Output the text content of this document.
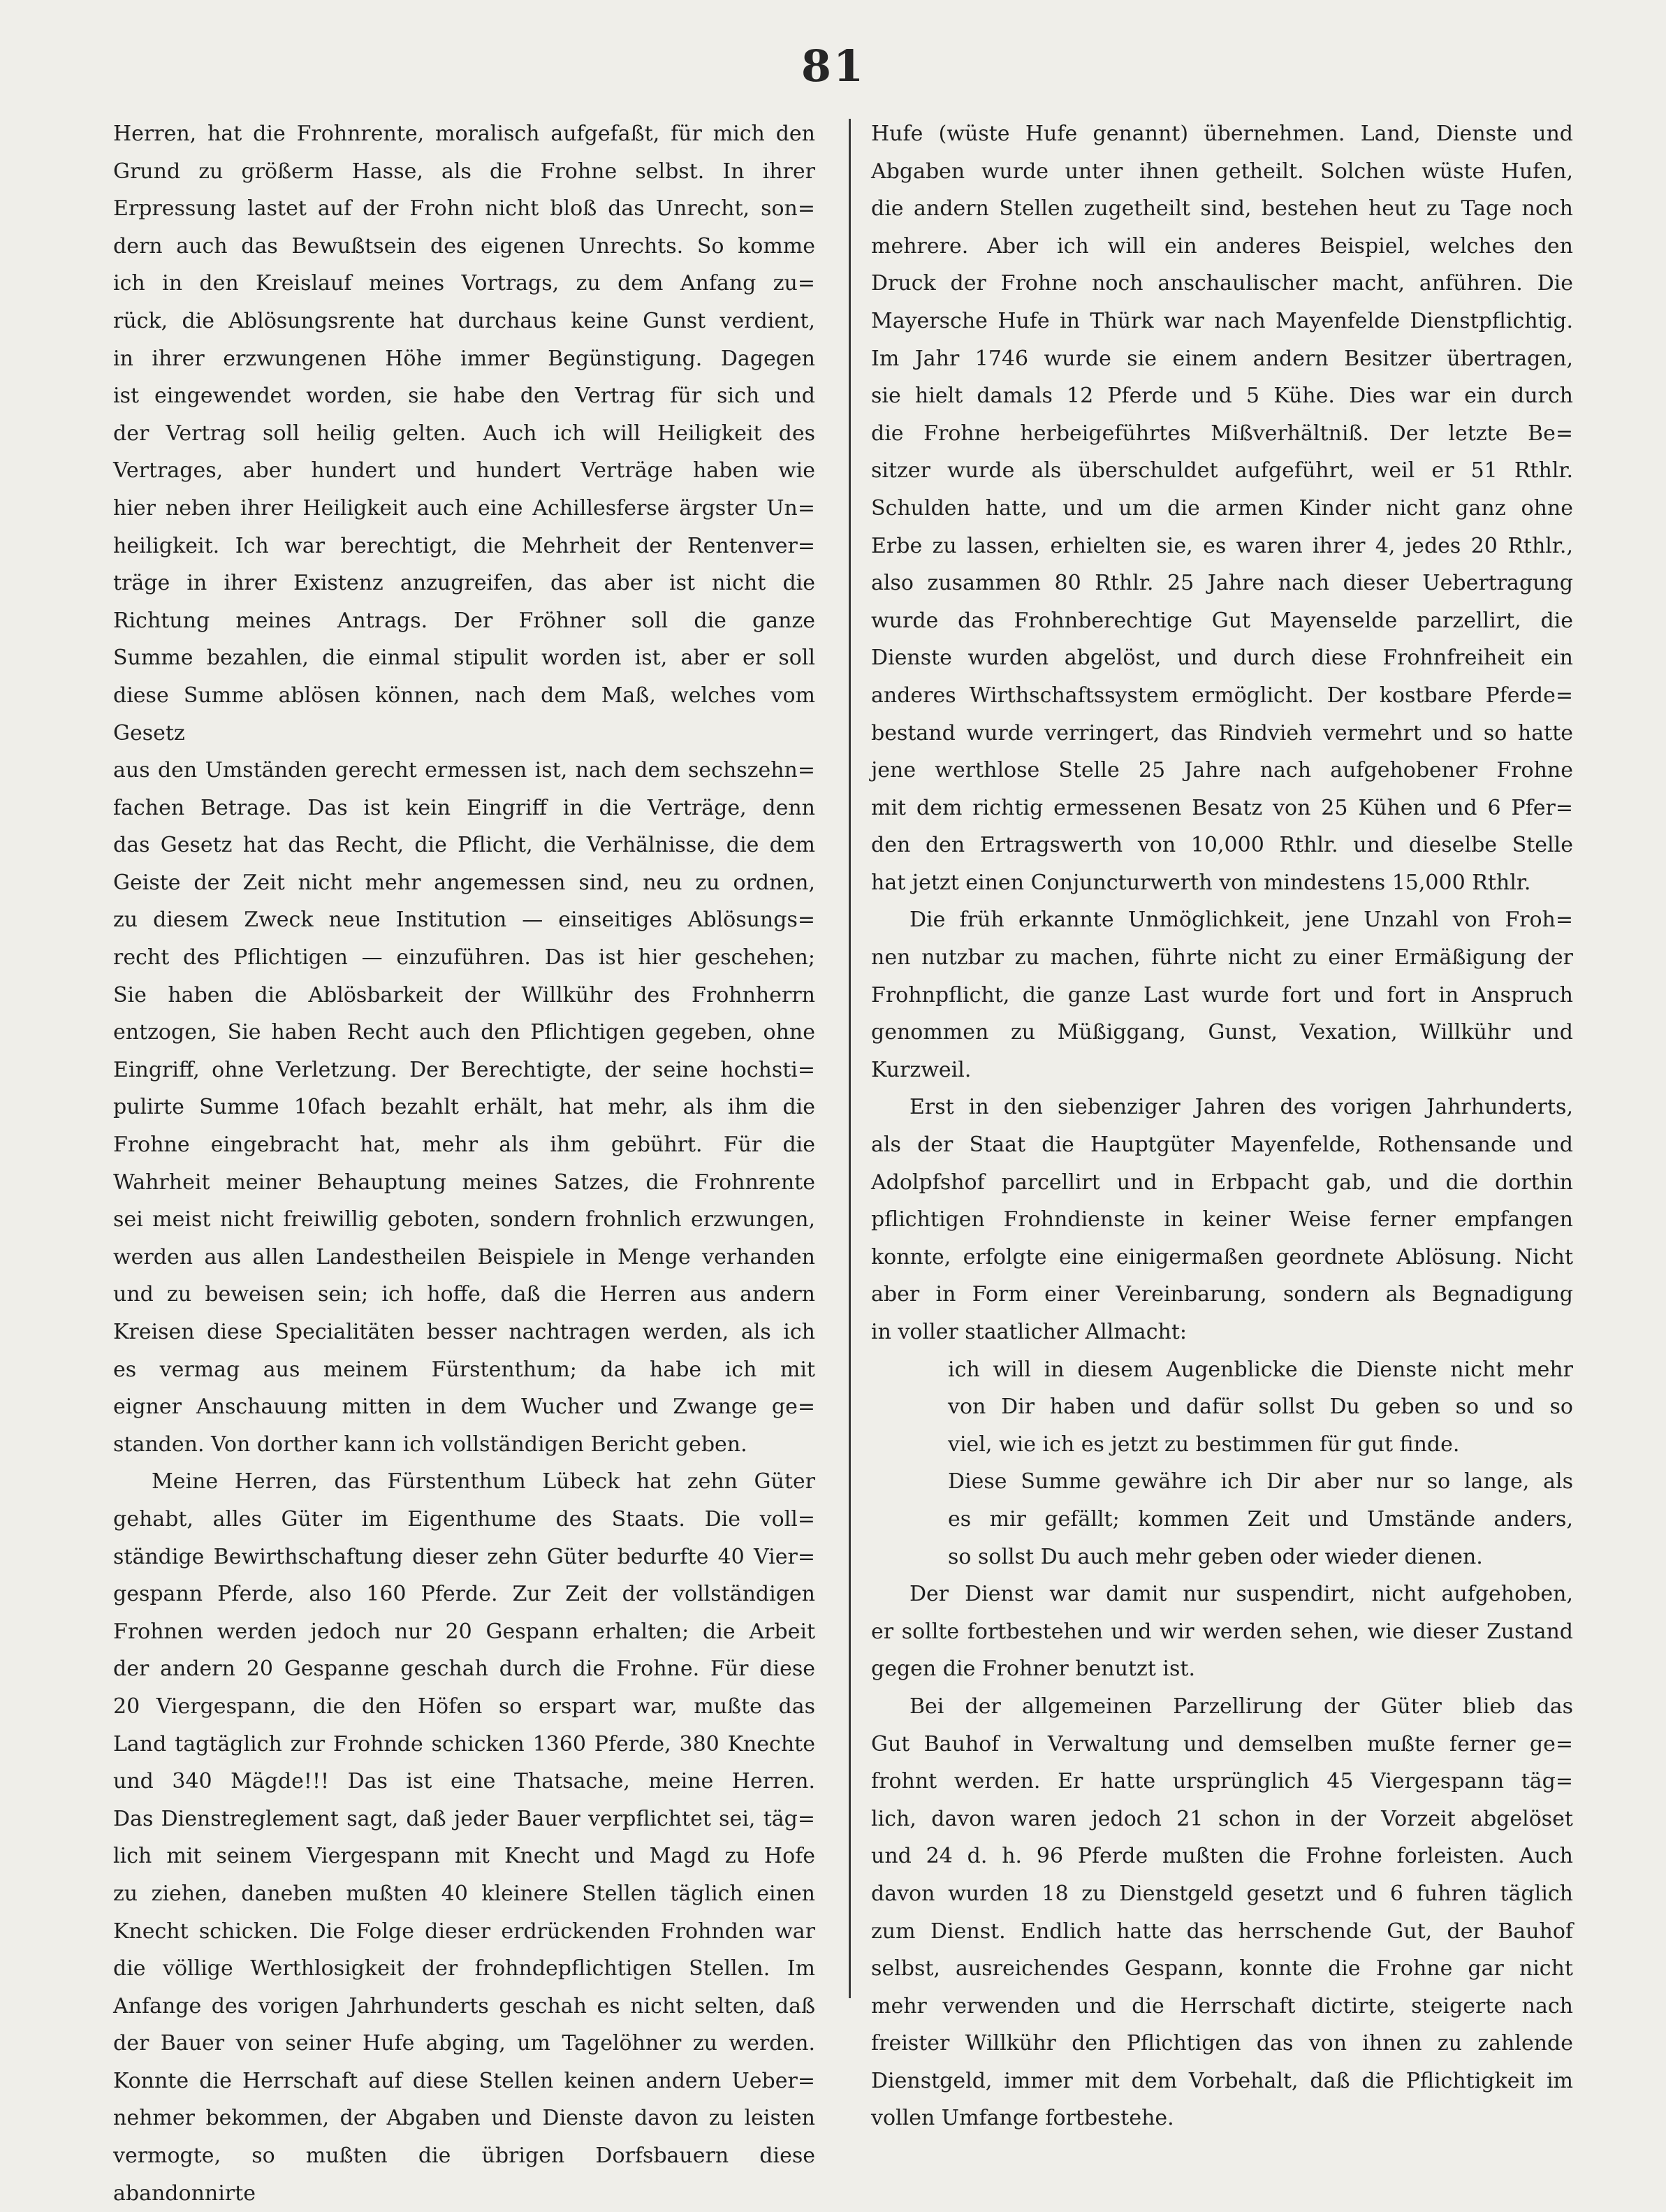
81

Herren, hat die Frohnrente, moralisch aufgefaßt, für mich den

Grund zu größerm Hasse, als die Frohne selbst. In ihrer

Erpressung lastet auf der Frohn nicht bloß das Unrecht, son=

dern auch das Bewußtsein des eigenen Unrechts. So komme

ich in den Kreislauf meines Vortrags, zu dem Anfang zu=

rück, die Ablösungsrente hat durchaus keine Gunst verdient,

in ihrer erzwungenen Höhe immer Begünstigung. Dagegen

ist eingewendet worden, sie habe den Vertrag für sich und

der Vertrag soll heilig gelten. Auch ich will Heiligkeit des

Vertrages, aber hundert und hundert Verträge haben wie

hier neben ihrer Heiligkeit auch eine Achillesferse ärgster Un=

heiligkeit. Ich war berechtigt, die Mehrheit der Rentenver=

träge in ihrer Existenz anzugreifen, das aber ist nicht die

Richtung meines Antrags. Der Fröhner soll die ganze

Summe bezahlen, die einmal stipulit worden ist, aber er soll

diese Summe ablösen können, nach dem Maß, welches vom Gesetz

aus den Umständen gerecht ermessen ist, nach dem sechszehn=

fachen Betrage. Das ist kein Eingriff in die Verträge, denn

das Gesetz hat das Recht, die Pflicht, die Verhälnisse, die dem

Geiste der Zeit nicht mehr angemessen sind, neu zu ordnen,

zu diesem Zweck neue Institution — einseitiges Ablösungs=

recht des Pflichtigen — einzuführen. Das ist hier geschehen;

Sie haben die Ablösbarkeit der Willkühr des Frohnherrn

entzogen, Sie haben Recht auch den Pflichtigen gegeben, ohne

Eingriff, ohne Verletzung. Der Berechtigte, der seine hochsti=

pulirte Summe 10fach bezahlt erhält, hat mehr, als ihm die

Frohne eingebracht hat, mehr als ihm gebührt. Für die

Wahrheit meiner Behauptung meines Satzes, die Frohnrente

sei meist nicht freiwillig geboten, sondern frohnlich erzwungen,

werden aus allen Landestheilen Beispiele in Menge verhanden

und zu beweisen sein; ich hoffe, daß die Herren aus andern

Kreisen diese Specialitäten besser nachtragen werden, als ich

es vermag aus meinem Fürstenthum; da habe ich mit

eigner Anschauung mitten in dem Wucher und Zwange ge=

standen. Von dorther kann ich vollständigen Bericht geben.

Meine Herren, das Fürstenthum Lübeck hat zehn Güter

gehabt, alles Güter im Eigenthume des Staats. Die voll=

ständige Bewirthschaftung dieser zehn Güter bedurfte 40 Vier=

gespann Pferde, also 160 Pferde. Zur Zeit der vollständigen

Frohnen werden jedoch nur 20 Gespann erhalten; die Arbeit

der andern 20 Gespanne geschah durch die Frohne. Für diese

20 Viergespann, die den Höfen so erspart war, mußte das

Land tagtäglich zur Frohnde schicken 1360 Pferde, 380 Knechte

und 340 Mägde!!! Das ist eine Thatsache, meine Herren.

Das Dienstreglement sagt, daß jeder Bauer verpflichtet sei, täg=

lich mit seinem Viergespann mit Knecht und Magd zu Hofe

zu ziehen, daneben mußten 40 kleinere Stellen täglich einen

Knecht schicken. Die Folge dieser erdrückenden Frohnden war

die völlige Werthlosigkeit der frohndepflichtigen Stellen. Im

Anfange des vorigen Jahrhunderts geschah es nicht selten, daß

der Bauer von seiner Hufe abging, um Tagelöhner zu werden.

Konnte die Herrschaft auf diese Stellen keinen andern Ueber=

nehmer bekommen, der Abgaben und Dienste davon zu leisten

vermogte, so mußten die übrigen Dorfsbauern diese abandonnirte

Hufe (wüste Hufe genannt) übernehmen. Land, Dienste und

Abgaben wurde unter ihnen getheilt. Solchen wüste Hufen,

die andern Stellen zugetheilt sind, bestehen heut zu Tage noch

mehrere. Aber ich will ein anderes Beispiel, welches den

Druck der Frohne noch anschaulischer macht, anführen. Die

Mayersche Hufe in Thürk war nach Mayenfelde Dienstpflichtig.

Im Jahr 1746 wurde sie einem andern Besitzer übertragen,

sie hielt damals 12 Pferde und 5 Kühe. Dies war ein durch

die Frohne herbeigeführtes Mißverhältniß. Der letzte Be=

sitzer wurde als überschuldet aufgeführt, weil er 51 Rthlr.

Schulden hatte, und um die armen Kinder nicht ganz ohne

Erbe zu lassen, erhielten sie, es waren ihrer 4, jedes 20 Rthlr.,

also zusammen 80 Rthlr. 25 Jahre nach dieser Uebertragung

wurde das Frohnberechtige Gut Mayenselde parzellirt, die

Dienste wurden abgelöst, und durch diese Frohnfreiheit ein

anderes Wirthschaftssystem ermöglicht. Der kostbare Pferde=

bestand wurde verringert, das Rindvieh vermehrt und so hatte

jene werthlose Stelle 25 Jahre nach aufgehobener Frohne

mit dem richtig ermessenen Besatz von 25 Kühen und 6 Pfer=

den den Ertragswerth von 10,000 Rthlr. und dieselbe Stelle

hat jetzt einen Conjuncturwerth von mindestens 15,000 Rthlr.

Die früh erkannte Unmöglichkeit, jene Unzahl von Froh=

nen nutzbar zu machen, führte nicht zu einer Ermäßigung der

Frohnpflicht, die ganze Last wurde fort und fort in Anspruch

genommen zu Müßiggang, Gunst, Vexation, Willkühr und

Kurzweil.

Erst in den siebenziger Jahren des vorigen Jahrhunderts,

als der Staat die Hauptgüter Mayenfelde, Rothensande und

Adolpfshof parcellirt und in Erbpacht gab, und die dorthin

pflichtigen Frohndienste in keiner Weise ferner empfangen

konnte, erfolgte eine einigermaßen geordnete Ablösung. Nicht

aber in Form einer Vereinbarung, sondern als Begnadigung

in voller staatlicher Allmacht:

ich will in diesem Augenblicke die Dienste nicht mehr

von Dir haben und dafür sollst Du geben so und so

viel, wie ich es jetzt zu bestimmen für gut finde.

Diese Summe gewähre ich Dir aber nur so lange, als

es mir gefällt; kommen Zeit und Umstände anders,

so sollst Du auch mehr geben oder wieder dienen.

Der Dienst war damit nur suspendirt, nicht aufgehoben,

er sollte fortbestehen und wir werden sehen, wie dieser Zustand

gegen die Frohner benutzt ist.

Bei der allgemeinen Parzellirung der Güter blieb das

Gut Bauhof in Verwaltung und demselben mußte ferner ge=

frohnt werden. Er hatte ursprünglich 45 Viergespann täg=

lich, davon waren jedoch 21 schon in der Vorzeit abgelöset

und 24 d. h. 96 Pferde mußten die Frohne forleisten. Auch

davon wurden 18 zu Dienstgeld gesetzt und 6 fuhren täglich

zum Dienst. Endlich hatte das herrschende Gut, der Bauhof

selbst, ausreichendes Gespann, konnte die Frohne gar nicht

mehr verwenden und die Herrschaft dictirte, steigerte nach

freister Willkühr den Pflichtigen das von ihnen zu zahlende

Dienstgeld, immer mit dem Vorbehalt, daß die Pflichtigkeit im

vollen Umfange fortbestehe.
